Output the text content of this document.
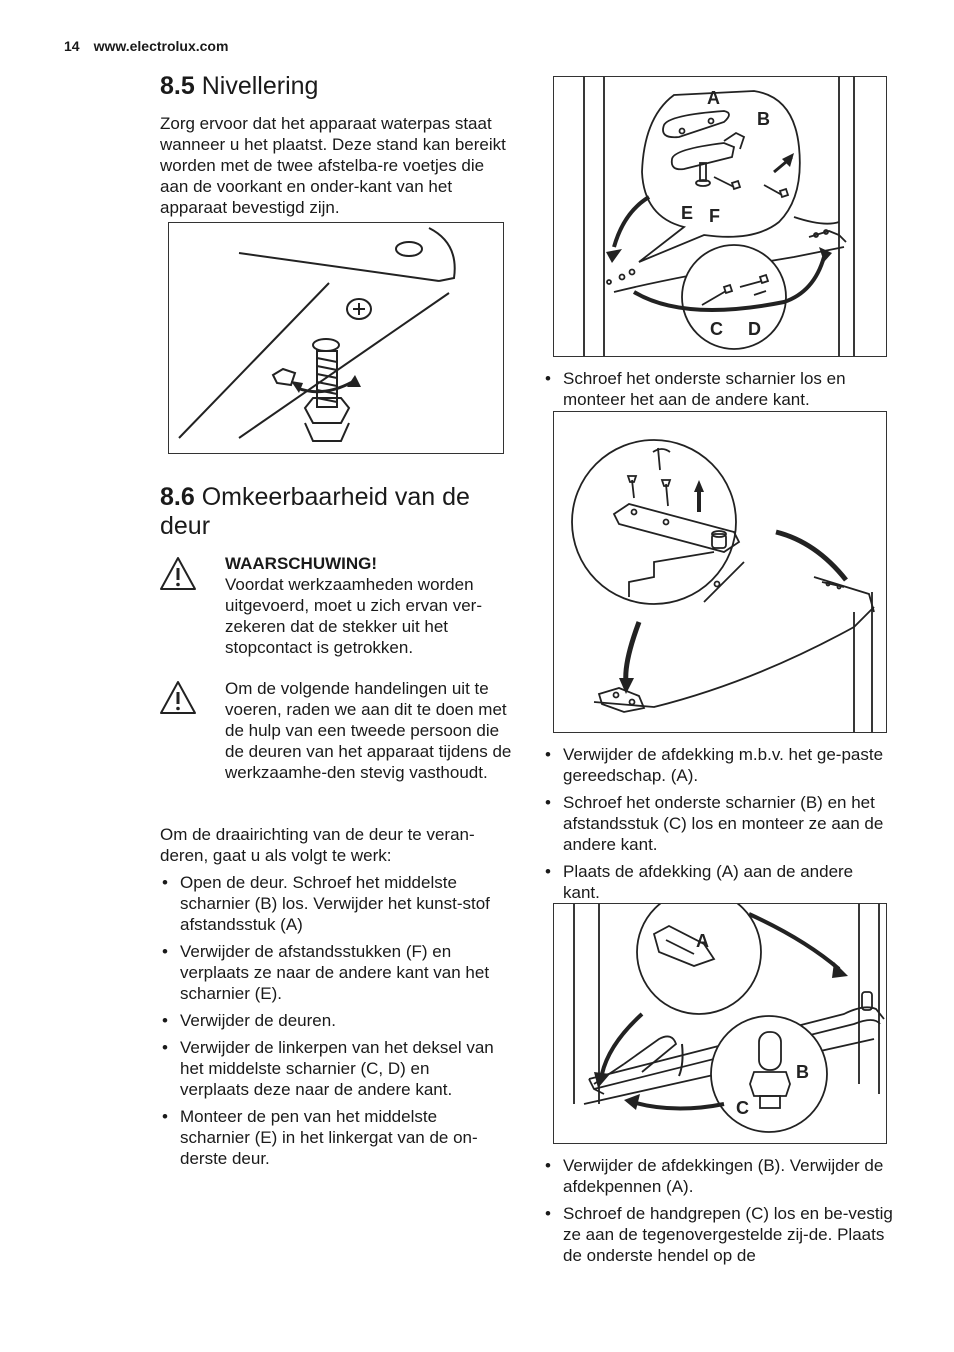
14 www.electrolux.com
8.5 Nivellering
Zorg ervoor dat het apparaat waterpas staat wanneer u het plaatst. Deze stand kan bereikt worden met de twee afstelba-re voetjes die aan de voorkant en onder-kant van het apparaat bevestigd zijn.
8.6 Omkeerbaarheid van de deur
WAARSCHUWING!
Voordat werkzaamheden worden uitgevoerd, moet u zich ervan ver-zekeren dat de stekker uit het stopcontact is getrokken.
Om de volgende handelingen uit te voeren, raden we aan dit te doen met de hulp van een tweede persoon die de deuren van het apparaat tijdens de werkzaamhe-den stevig vasthoudt.
Om de draairichting van de deur te veran-deren, gaat u als volgt te werk:
• Open de deur. Schroef het middelste scharnier (B) los. Verwijder het kunst-stof afstandsstuk (A)
• Verwijder de afstandsstukken (F) en verplaats ze naar de andere kant van het scharnier (E).
• Verwijder de deuren.
• Verwijder de linkerpen van het deksel van het middelste scharnier (C, D) en verplaats deze naar de andere kant.
• Monteer de pen van het middelste scharnier (E) in het linkergat van de on-derste deur.
A
B
E F
C D
• Schroef het onderste scharnier los en monteer het aan de andere kant.
• Verwijder de afdekking m.b.v. het ge-paste gereedschap. (A).
• Schroef het onderste scharnier (B) en het afstandsstuk (C) los en monteer ze aan de andere kant.
• Plaats de afdekking (A) aan de andere kant.
A
B
C
• Verwijder de afdekkingen (B). Verwijder de afdekpennen (A).
• Schroef de handgrepen (C) los en be-vestig ze aan de tegenovergestelde zij-de. Plaats de onderste hendel op de
